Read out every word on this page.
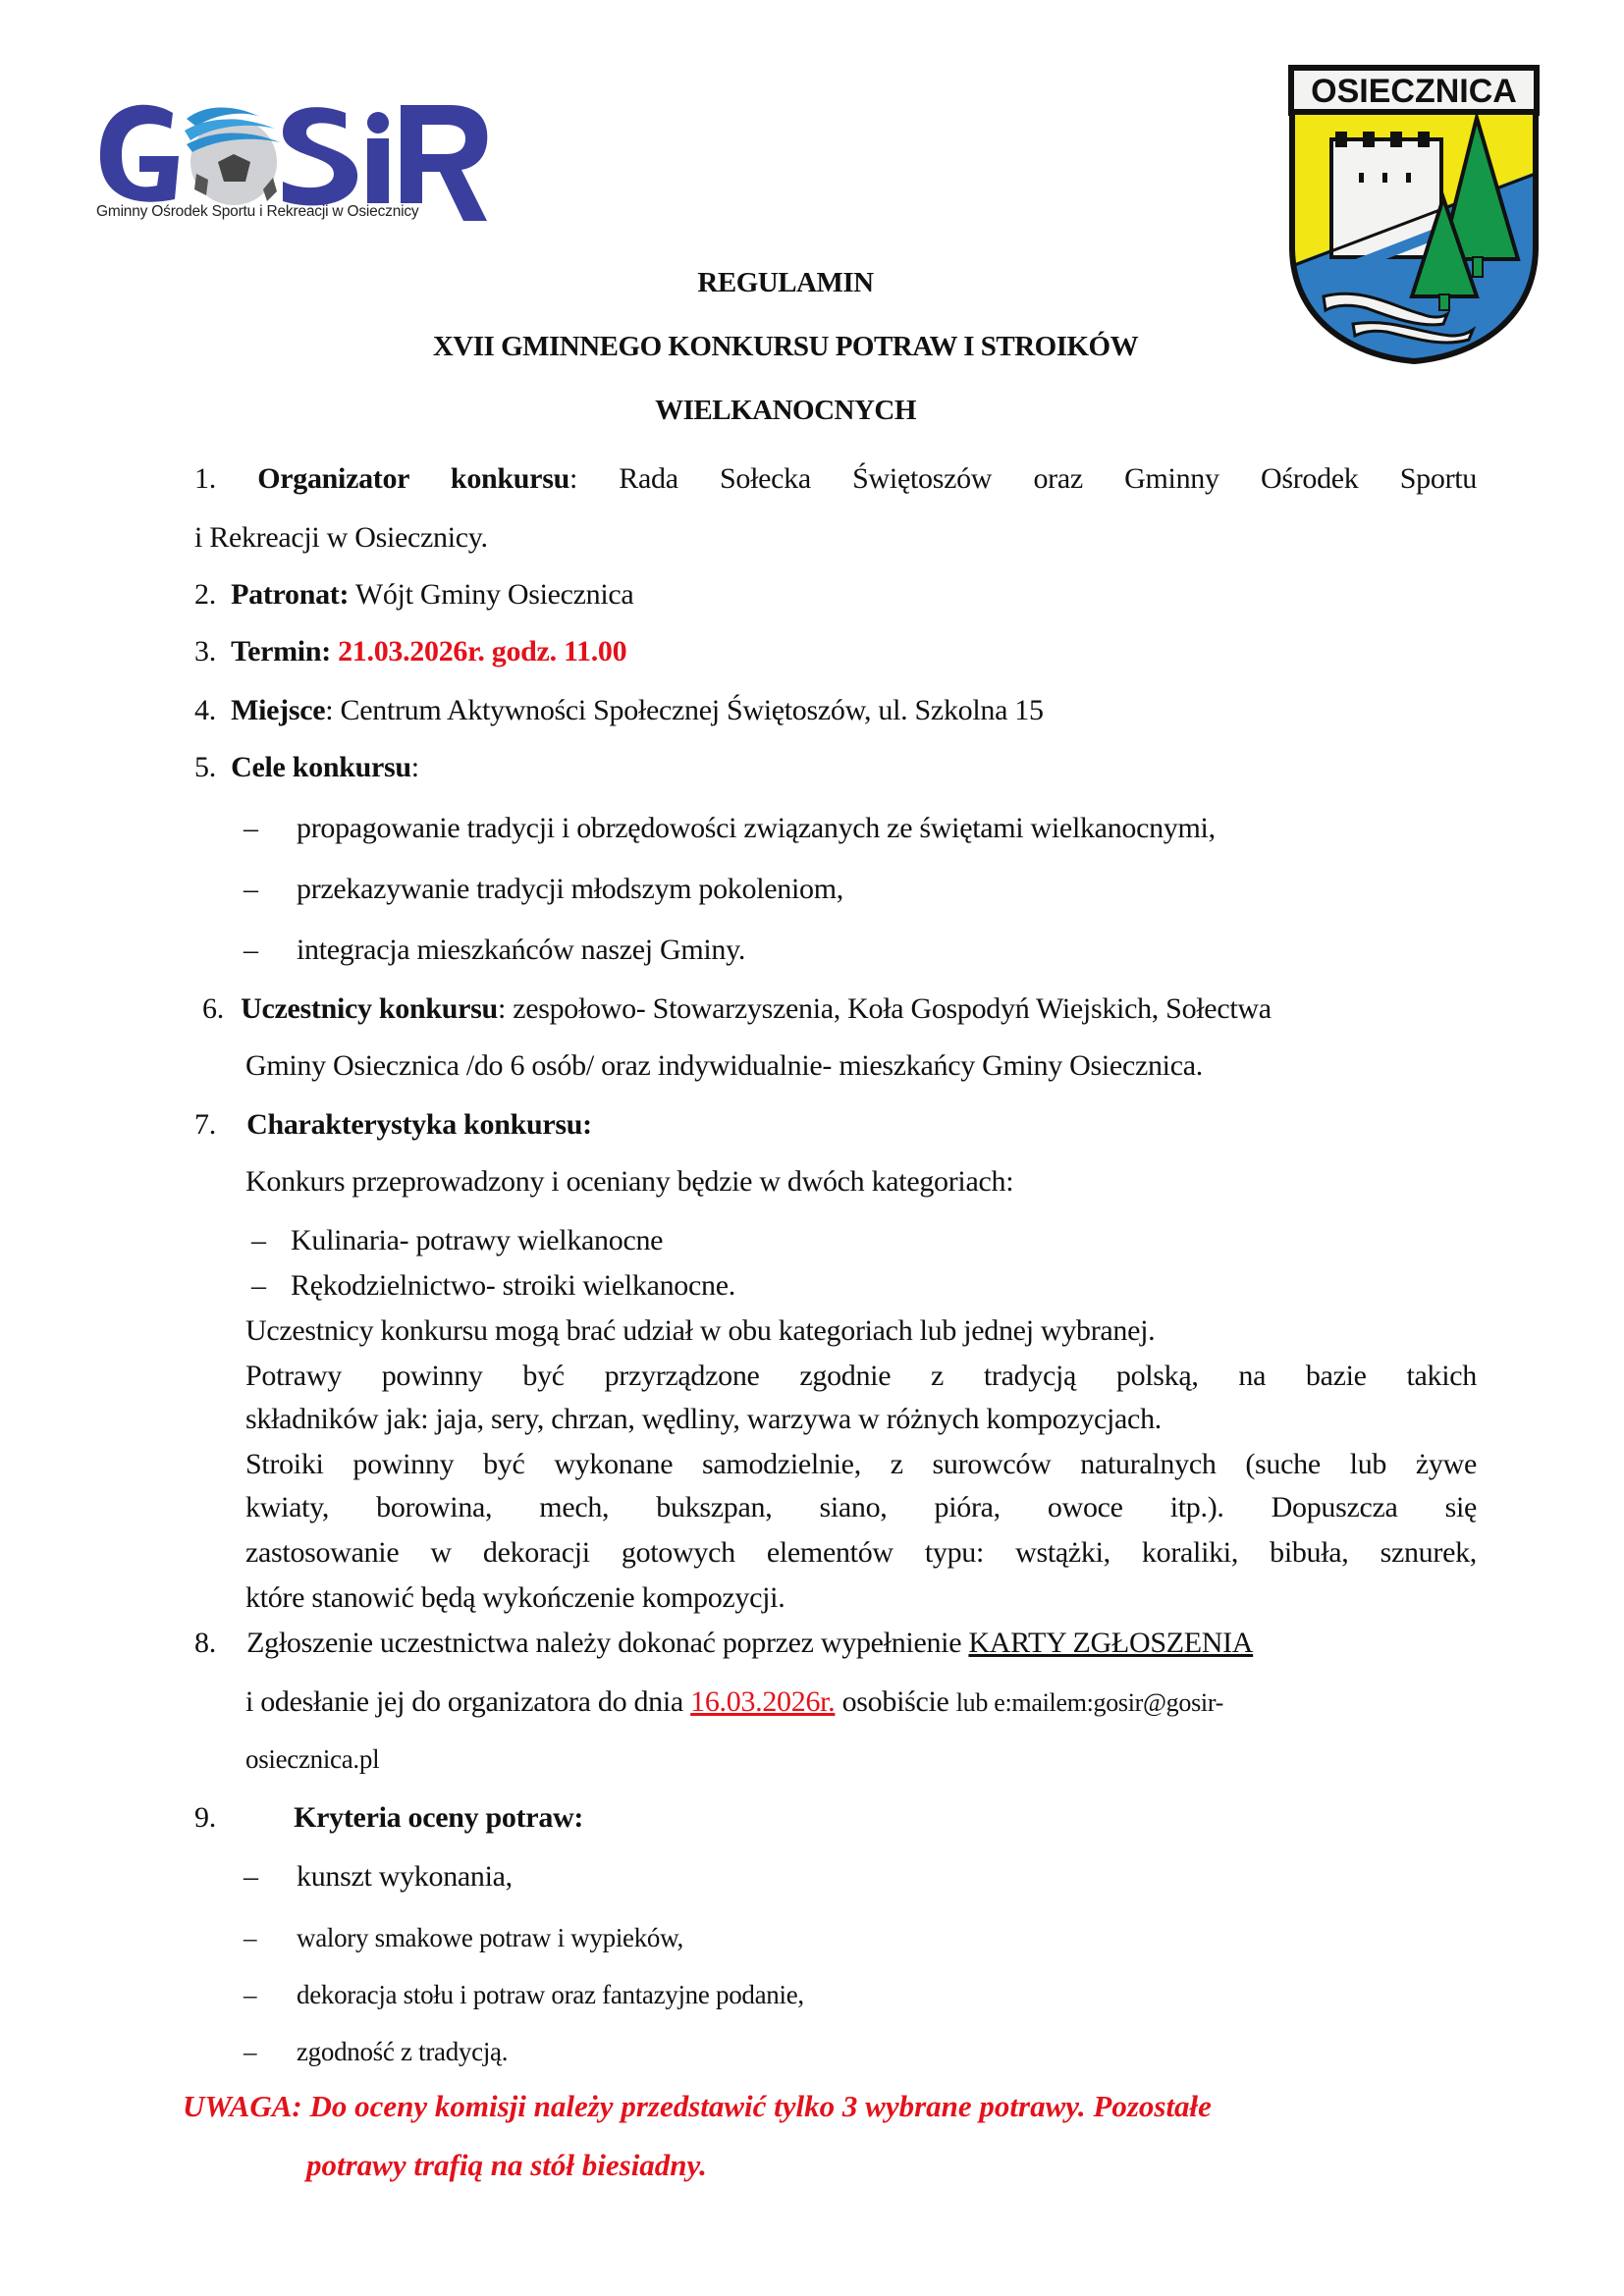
Gminny Ośrodek Sportu i Rekreacji w Osiecznicy
OSIECZNICA
REGULAMIN
XVII GMINNEGO KONKURSU POTRAW I STROIKÓW
WIELKANOCNYCH
1. Organizator konkursu: Rada Sołecka Świętoszów oraz Gminny Ośrodek Sportu
i Rekreacji w Osiecznicy.
2. Patronat: Wójt Gminy Osiecznica
3. Termin: 21.03.2026r. godz. 11.00
4. Miejsce: Centrum Aktywności Społecznej Świętoszów, ul. Szkolna 15
5. Cele konkursu:
– propagowanie tradycji i obrzędowości związanych ze świętami wielkanocnymi,
– przekazywanie tradycji młodszym pokoleniom,
– integracja mieszkańców naszej Gminy.
6. Uczestnicy konkursu: zespołowo- Stowarzyszenia, Koła Gospodyń Wiejskich, Sołectwa
Gminy Osiecznica /do 6 osób/ oraz indywidualnie- mieszkańcy Gminy Osiecznica.
7. Charakterystyka konkursu:
Konkurs przeprowadzony i oceniany będzie w dwóch kategoriach:
– Kulinaria- potrawy wielkanocne
– Rękodzielnictwo- stroiki wielkanocne.
Uczestnicy konkursu mogą brać udział w obu kategoriach lub jednej wybranej.
Potrawy powinny być przyrządzone zgodnie z tradycją polską, na bazie takich
składników jak: jaja, sery, chrzan, wędliny, warzywa w różnych kompozycjach.
Stroiki powinny być wykonane samodzielnie, z surowców naturalnych (suche lub żywe
kwiaty, borowina, mech, bukszpan, siano, pióra, owoce itp.). Dopuszcza się
zastosowanie w dekoracji gotowych elementów typu: wstążki, koraliki, bibuła, sznurek,
które stanowić będą wykończenie kompozycji.
8. Zgłoszenie uczestnictwa należy dokonać poprzez wypełnienie KARTY ZGŁOSZENIA
i odesłanie jej do organizatora do dnia 16.03.2026r. osobiście lub e:mailem:gosir@gosir-
osiecznica.pl
9.	Kryteria oceny potraw:
– kunszt wykonania,
– walory smakowe potraw i wypieków,
– dekoracja stołu i potraw oraz fantazyjne podanie,
– zgodność z tradycją.
UWAGA: Do oceny komisji należy przedstawić tylko 3 wybrane potrawy. Pozostałe
potrawy trafią na stół biesiadny.
